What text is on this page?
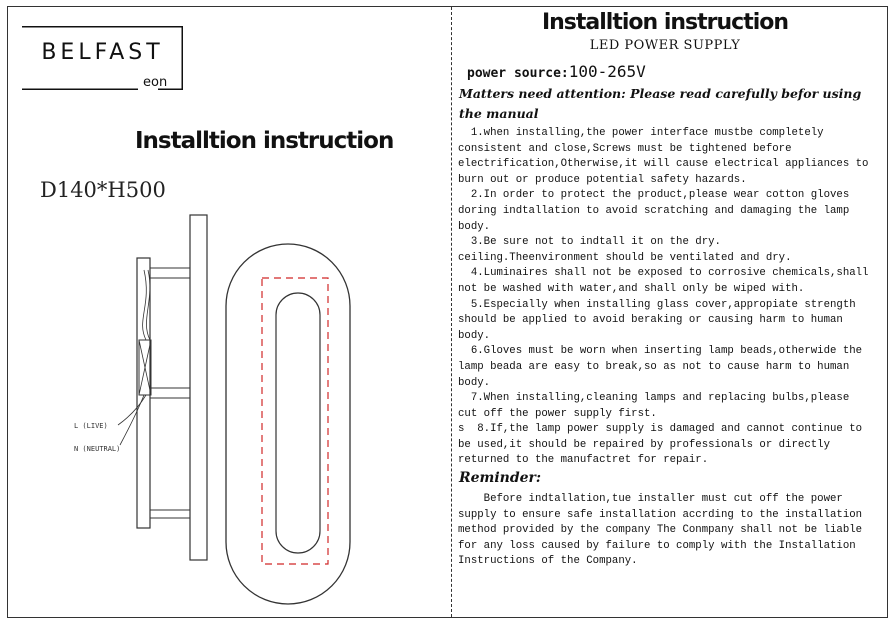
BELFAST
eon
Installtion instruction
D140*H500
L (LIVE)
N (NEUTRAL)
Installtion instruction
LED POWER SUPPLY
power source:100-265V
Matters need attention: Please read carefully befor using the manual

1.when installing,the power interface mustbe completely

consistent and close,Screws must be tightened before

electrification,Otherwise,it will cause electrical appliances to

burn out or produce potential safety hazards.

2.In order to protect the product,please wear cotton gloves

doring indtallation to avoid scratching and damaging the lamp

body.

3.Be sure not to indtall it on the dry.

ceiling.Theenvironment should be ventilated and dry.

4.Luminaires shall not be exposed to corrosive chemicals,shall

not be washed with water,and shall only be wiped with.

5.Especially when installing glass cover,appropiate strength

should be applied to avoid beraking or causing harm to human

body.

6.Gloves must be worn when inserting lamp beads,otherwide the

lamp beada are easy to break,so as not to cause harm to human

body.

7.When installing,cleaning lamps and replacing bulbs,please

cut off the power supply first.

s  8.If,the lamp power supply is damaged and cannot continue to

be used,it should be repaired by professionals or directly

returned to the manufactret for repair.

Reminder:

Before indtallation,tue installer must cut off the power

supply to ensure safe installation accrding to the installation

method provided by the company The Conmpany shall not be liable

for any loss caused by failure to comply with the Installation

Instructions of the Company.
